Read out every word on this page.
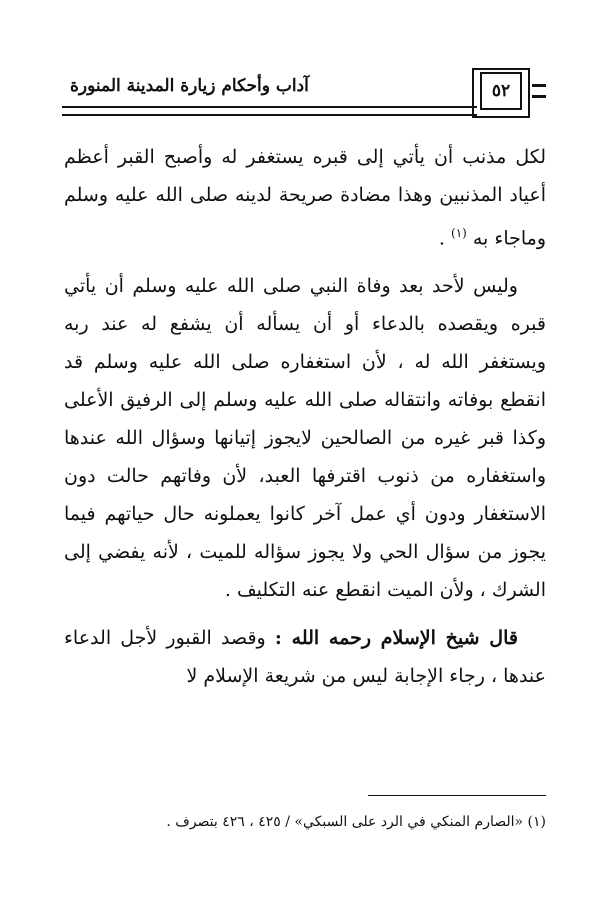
آداب وأحكام زيارة المدينة المنورة	٥٢

لكل مذنب أن يأتي إلى قبره يستغفر له وأصبح القبر أعظم أعياد المذنبين وهذا مضادة صريحة لدينه صلى الله عليه وسلم وماجاء به $^{(١)}$ .

وليس لأحد بعد وفاة النبي صلى الله عليه وسلم أن يأتي قبره ويقصده بالدعاء أو أن يسأله أن يشفع له عند ربه ويستغفر الله له ، لأن استغفاره صلى الله عليه وسلم قد انقطع بوفاته وانتقاله صلى الله عليه وسلم إلى الرفيق الأعلى وكذا قبر غيره من الصالحين لايجوز إتيانها وسؤال الله عندها واستغفاره من ذنوب اقترفها العبد، لأن وفاتهم حالت دون الاستغفار ودون أي عمل آخر كانوا يعملونه حال حياتهم فيما يجوز من سؤال الحي ولا يجوز سؤاله للميت ، لأنه يفضي إلى الشرك ، ولأن الميت انقطع عنه التكليف .

قال شيخ الإسلام رحمه الله : وقصد القبور لأجل الدعاء عندها ، رجاء الإجابة ليس من شريعة الإسلام لا

(١) «الصارم المنكي في الرد على السبكي» / ٤٢٥ ، ٤٢٦ بتصرف .
